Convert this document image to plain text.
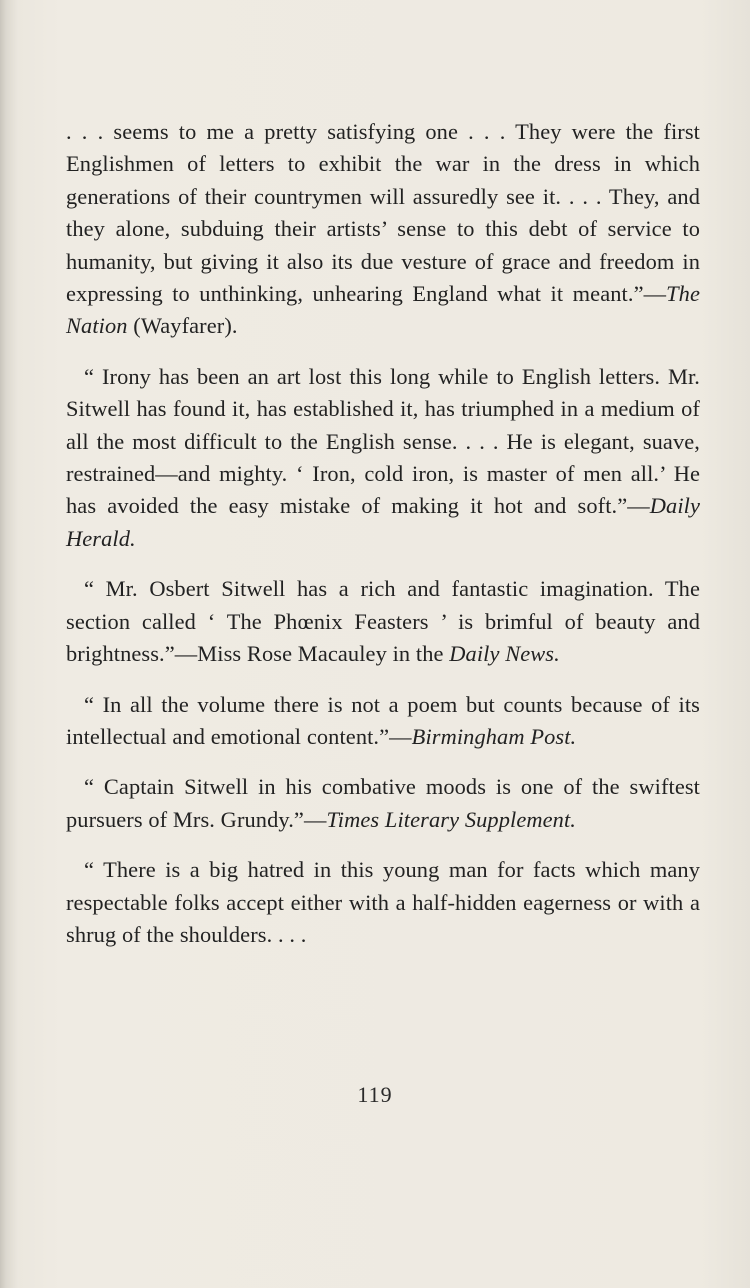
. . . seems to me a pretty satisfying one . . . They were the first Englishmen of letters to exhibit the war in the dress in which generations of their countrymen will assuredly see it. . . . They, and they alone, subduing their artists’ sense to this debt of service to humanity, but giving it also its due vesture of grace and freedom in expressing to unthinking, unhearing England what it meant.”—The Nation (Wayfarer).

“ Irony has been an art lost this long while to English letters. Mr. Sitwell has found it, has established it, has triumphed in a medium of all the most difficult to the English sense. . . . He is elegant, suave, restrained—and mighty. ‘ Iron, cold iron, is master of men all.’ He has avoided the easy mistake of making it hot and soft.”—Daily Herald.

“ Mr. Osbert Sitwell has a rich and fantastic imagination. The section called ‘ The Phœnix Feasters ’ is brimful of beauty and brightness.”—Miss Rose Macauley in the Daily News.

“ In all the volume there is not a poem but counts because of its intellectual and emotional content.”—Birmingham Post.

“ Captain Sitwell in his combative moods is one of the swiftest pursuers of Mrs. Grundy.”—Times Literary Supplement.

“ There is a big hatred in this young man for facts which many respectable folks accept either with a half-hidden eagerness or with a shrug of the shoulders. . . .

119
